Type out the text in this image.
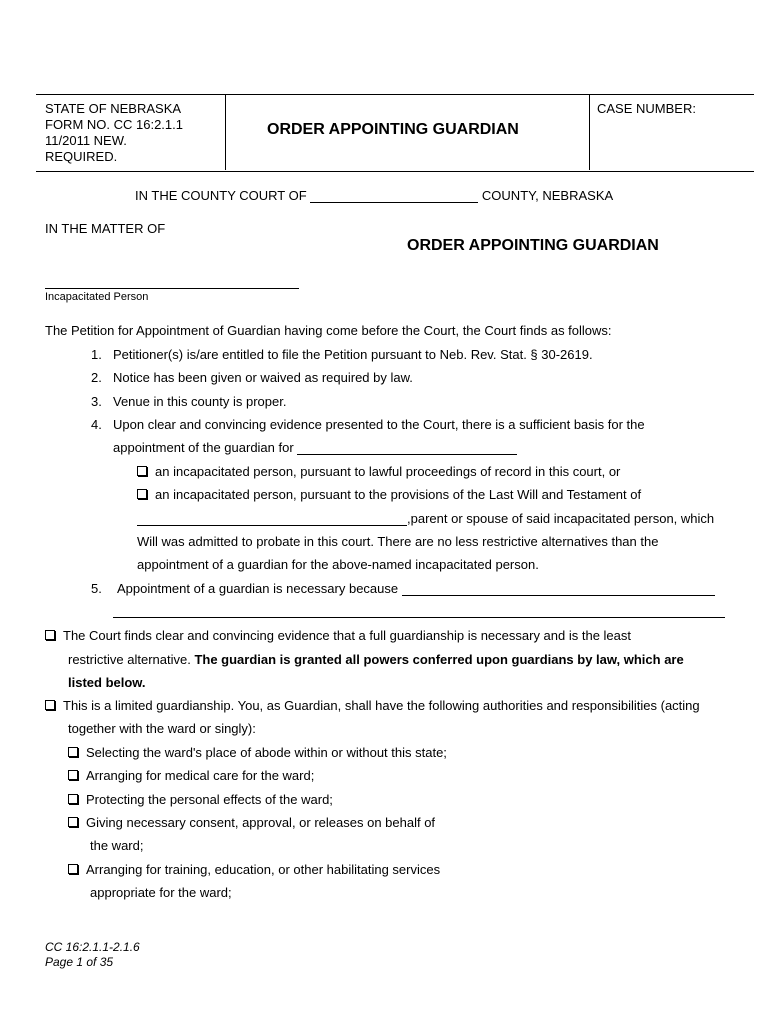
STATE OF NEBRASKA
FORM NO. CC 16:2.1.1
11/2011 NEW.
REQUIRED.
ORDER APPOINTING GUARDIAN
CASE NUMBER:
IN THE COUNTY COURT OF	COUNTY, NEBRASKA
IN THE MATTER OF
ORDER APPOINTING GUARDIAN
Incapacitated Person
The Petition for Appointment of Guardian having come before the Court, the Court finds as follows:
1. Petitioner(s) is/are entitled to file the Petition pursuant to Neb. Rev. Stat. § 30-2619.
2. Notice has been given or waived as required by law.
3. Venue in this county is proper.
4. Upon clear and convincing evidence presented to the Court, there is a sufficient basis for the
appointment of the guardian for
an incapacitated person, pursuant to lawful proceedings of record in this court, or
an incapacitated person, pursuant to the provisions of the Last Will and Testament of
,parent or spouse of said incapacitated person, which
Will was admitted to probate in this court. There are no less restrictive alternatives than the
appointment of a guardian for the above-named incapacitated person.
5. Appointment of a guardian is necessary because
The Court finds clear and convincing evidence that a full guardianship is necessary and is the least
restrictive alternative. The guardian is granted all powers conferred upon guardians by law, which are
listed below.
This is a limited guardianship. You, as Guardian, shall have the following authorities and responsibilities (acting
together with the ward or singly):
Selecting the ward's place of abode within or without this state;
Arranging for medical care for the ward;
Protecting the personal effects of the ward;
Giving necessary consent, approval, or releases on behalf of
the ward;
Arranging for training, education, or other habilitating services
appropriate for the ward;
CC 16:2.1.1-2.1.6
Page 1 of 35
